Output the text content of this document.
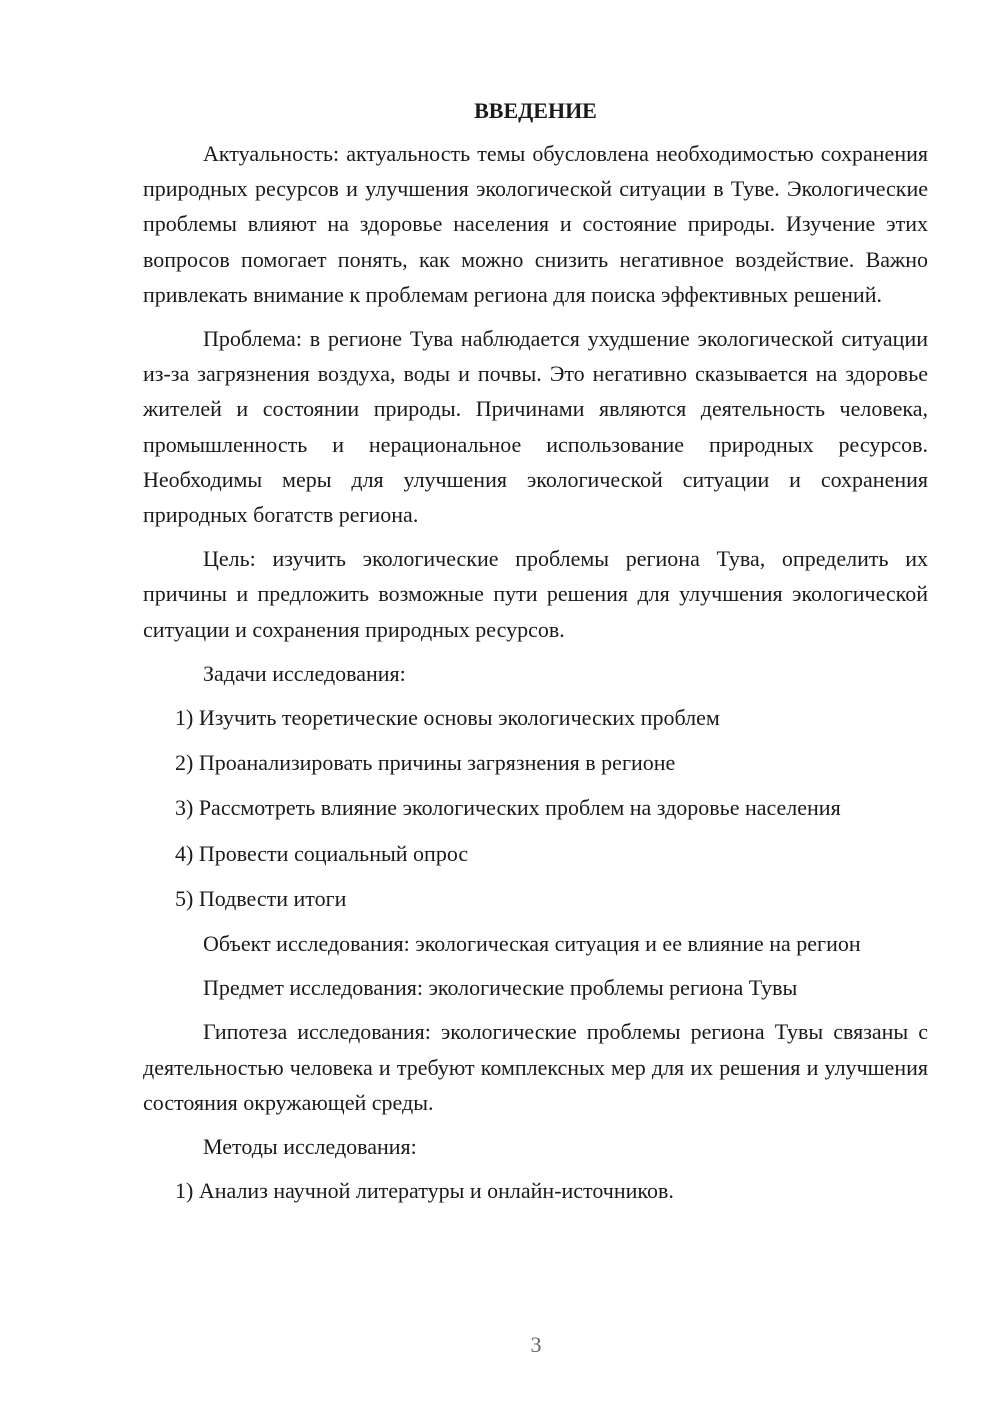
ВВЕДЕНИЕ

Актуальность: актуальность темы обусловлена необходимостью сохранения природных ресурсов и улучшения экологической ситуации в Туве. Экологические проблемы влияют на здоровье населения и состояние природы. Изучение этих вопросов помогает понять, как можно снизить негативное воздействие. Важно привлекать внимание к проблемам региона для поиска эффективных решений.

Проблема: в регионе Тува наблюдается ухудшение экологической ситуации из-за загрязнения воздуха, воды и почвы. Это негативно сказывается на здоровье жителей и состоянии природы. Причинами являются деятельность человека, промышленность и нерациональное использование природных ресурсов. Необходимы меры для улучшения экологической ситуации и сохранения природных богатств региона.

Цель: изучить экологические проблемы региона Тува, определить их причины и предложить возможные пути решения для улучшения экологической ситуации и сохранения природных ресурсов.

Задачи исследования:

1) Изучить теоретические основы экологических проблем
2) Проанализировать причины загрязнения в регионе
3) Рассмотреть влияние экологических проблем на здоровье населения
4) Провести социальный опрос
5) Подвести итоги

Объект исследования: экологическая ситуация и ее влияние на регион

Предмет исследования: экологические проблемы региона Тувы

Гипотеза исследования: экологические проблемы региона Тувы связаны с деятельностью человека и требуют комплексных мер для их решения и улучшения состояния окружающей среды.

Методы исследования:

1) Анализ научной литературы и онлайн-источников.
3
